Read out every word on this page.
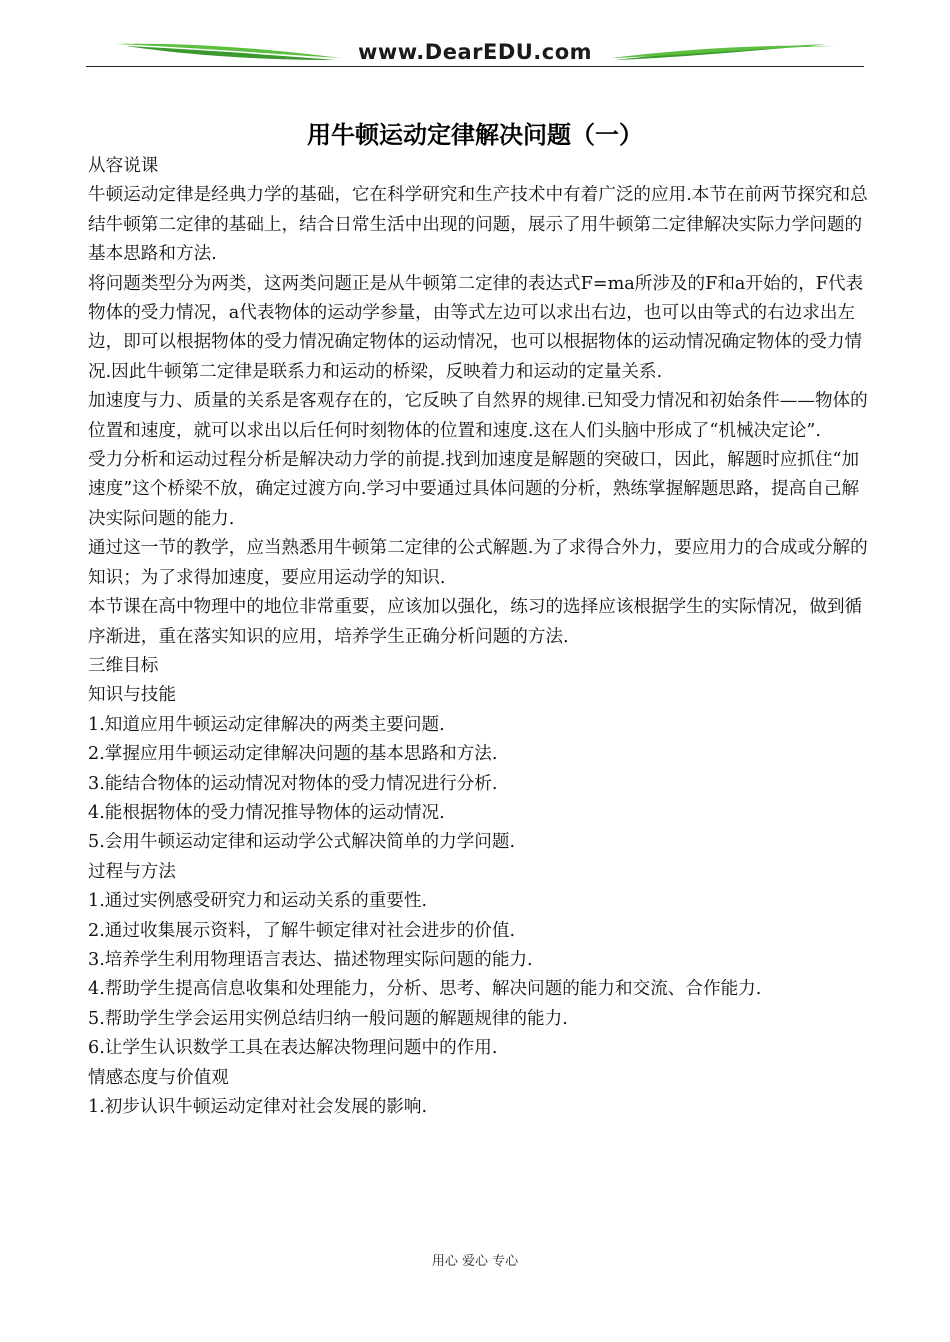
www.DearEDU.com
用牛顿运动定律解决问题（一）

从容说课

牛顿运动定律是经典力学的基础，它在科学研究和生产技术中有着广泛的应用.本节在前两节探究和总结牛顿第二定律的基础上，结合日常生活中出现的问题，展示了用牛顿第二定律解决实际力学问题的基本思路和方法.

将问题类型分为两类，这两类问题正是从牛顿第二定律的表达式F=ma所涉及的F和a开始的，F代表物体的受力情况，a代表物体的运动学参量，由等式左边可以求出右边，也可以由等式的右边求出左边，即可以根据物体的受力情况确定物体的运动情况，也可以根据物体的运动情况确定物体的受力情况.因此牛顿第二定律是联系力和运动的桥梁，反映着力和运动的定量关系.

加速度与力、质量的关系是客观存在的，它反映了自然界的规律.已知受力情况和初始条件——物体的位置和速度，就可以求出以后任何时刻物体的位置和速度.这在人们头脑中形成了“机械决定论”.

受力分析和运动过程分析是解决动力学的前提.找到加速度是解题的突破口，因此，解题时应抓住“加速度”这个桥梁不放，确定过渡方向.学习中要通过具体问题的分析，熟练掌握解题思路，提高自己解决实际问题的能力.

通过这一节的教学，应当熟悉用牛顿第二定律的公式解题.为了求得合外力，要应用力的合成或分解的知识；为了求得加速度，要应用运动学的知识.

本节课在高中物理中的地位非常重要，应该加以强化，练习的选择应该根据学生的实际情况，做到循序渐进，重在落实知识的应用，培养学生正确分析问题的方法.

三维目标

知识与技能

1.知道应用牛顿运动定律解决的两类主要问题.

2.掌握应用牛顿运动定律解决问题的基本思路和方法.

3.能结合物体的运动情况对物体的受力情况进行分析.

4.能根据物体的受力情况推导物体的运动情况.

5.会用牛顿运动定律和运动学公式解决简单的力学问题.

过程与方法

1.通过实例感受研究力和运动关系的重要性.

2.通过收集展示资料，了解牛顿定律对社会进步的价值.

3.培养学生利用物理语言表达、描述物理实际问题的能力.

4.帮助学生提高信息收集和处理能力，分析、思考、解决问题的能力和交流、合作能力.

5.帮助学生学会运用实例总结归纳一般问题的解题规律的能力.

6.让学生认识数学工具在表达解决物理问题中的作用.

情感态度与价值观

1.初步认识牛顿运动定律对社会发展的影响.

用心 爱心 专心
